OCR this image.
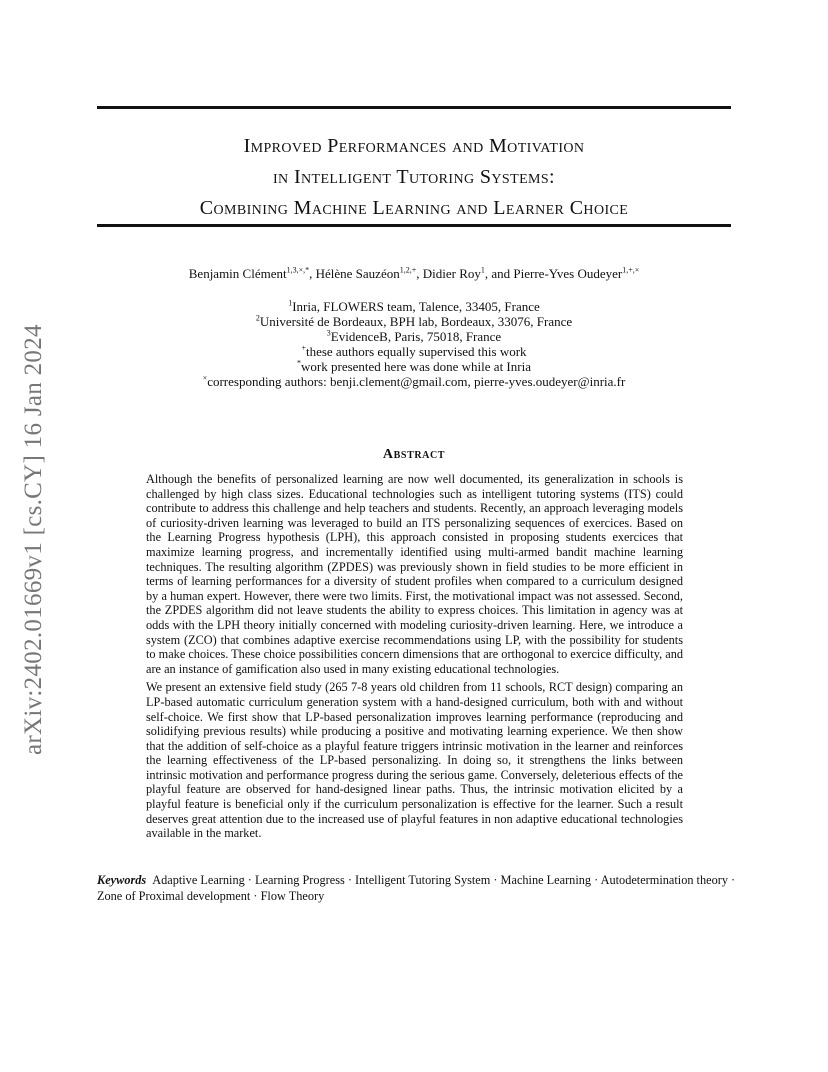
Improved Performances and Motivation
in Intelligent Tutoring Systems:
Combining Machine Learning and Learner Choice
Benjamin Clément$^{1,3,\times,*}$, Hélène Sauzéon$^{1,2,+}$, Didier Roy$^1$, and Pierre-Yves Oudeyer$^{1,+,\times}$
$^1$Inria, FLOWERS team, Talence, 33405, France
$^2$Université de Bordeaux, BPH lab, Bordeaux, 33076, France
$^3$EvidenceB, Paris, 75018, France
+these authors equally supervised this work
*work presented here was done while at Inria
×corresponding authors: benji.clement@gmail.com, pierre-yves.oudeyer@inria.fr
arXiv:2402.01669v1 [cs.CY] 16 Jan 2024	Abstract

Although the benefits of personalized learning are now well documented, its generalization in schools is challenged by high class sizes. Educational technologies such as intelligent tutoring systems (ITS) could contribute to address this challenge and help teachers and students. Recently, an approach leveraging models of curiosity-driven learning was leveraged to build an ITS personalizing sequences of exercices. Based on the Learning Progress hypothesis (LPH), this approach consisted in proposing students exercices that maximize learning progress, and incrementally identified using multi-armed bandit machine learning techniques. The resulting algorithm (ZPDES) was previously shown in field studies to be more efficient in terms of learning performances for a diversity of student profiles when compared to a curriculum designed by a human expert. However, there were two limits. First, the motivational impact was not assessed. Second, the ZPDES algorithm did not leave students the ability to express choices. This limitation in agency was at odds with the LPH theory initially concerned with modeling curiosity-driven learning. Here, we introduce a system (ZCO) that combines adaptive exercise recommendations using LP, with the possibility for students to make choices. These choice possibilities concern dimensions that are orthogonal to exercice difficulty, and are an instance of gamification also used in many existing educational technologies.

We present an extensive field study (265 7-8 years old children from 11 schools, RCT design) comparing an LP-based automatic curriculum generation system with a hand-designed curriculum, both with and without self-choice. We first show that LP-based personalization improves learning performance (reproducing and solidifying previous results) while producing a positive and motivating learning experience. We then show that the addition of self-choice as a playful feature triggers intrinsic motivation in the learner and reinforces the learning effectiveness of the LP-based personalizing. In doing so, it strengthens the links between intrinsic motivation and performance progress during the serious game. Conversely, deleterious effects of the playful feature are observed for hand-designed linear paths. Thus, the intrinsic motivation elicited by a playful feature is beneficial only if the curriculum personalization is effective for the learner. Such a result deserves great attention due to the increased use of playful features in non adaptive educational technologies available in the market.

Keywords Adaptive Learning · Learning Progress · Intelligent Tutoring System · Machine Learning · Autodetermination theory · Zone of Proximal development · Flow Theory
